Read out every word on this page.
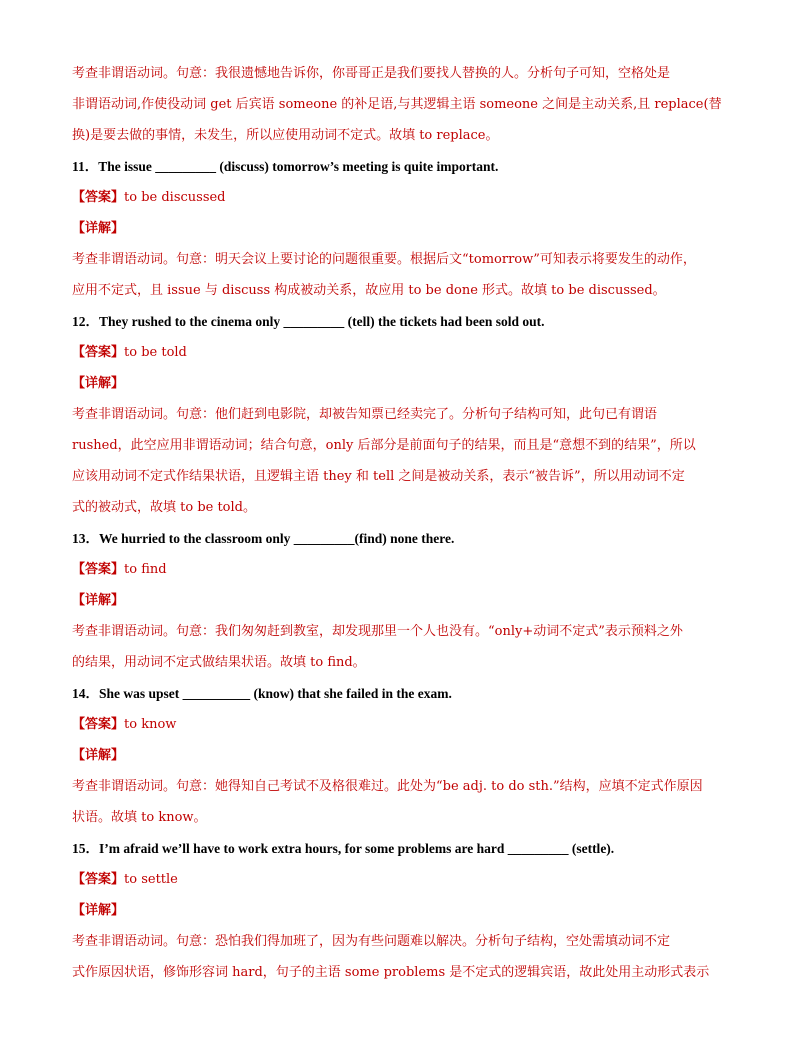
考查非谓语动词。句意：我很遗憾地告诉你，你哥哥正是我们要找人替换的人。分析句子可知，空格处是

非谓语动词,作使役动词 get 后宾语 someone 的补足语,与其逻辑主语 someone 之间是主动关系,且 replace(替

换)是要去做的事情，未发生，所以应使用动词不定式。故填 to replace。

11．The issue _________ (discuss) tomorrow’s meeting is quite important.

【答案】to be discussed

【详解】

考查非谓语动词。句意：明天会议上要讨论的问题很重要。根据后文“tomorrow”可知表示将要发生的动作，

应用不定式，且 issue 与 discuss 构成被动关系，故应用 to be done 形式。故填 to be discussed。

12．They rushed to the cinema only _________ (tell) the tickets had been sold out.

【答案】to be told

【详解】

考查非谓语动词。句意：他们赶到电影院，却被告知票已经卖完了。分析句子结构可知，此句已有谓语

rushed，此空应用非谓语动词；结合句意，only 后部分是前面句子的结果，而且是“意想不到的结果”，所以

应该用动词不定式作结果状语，且逻辑主语 they 和 tell 之间是被动关系，表示“被告诉”，所以用动词不定

式的被动式，故填 to be told。

13．We hurried to the classroom only _________(find) none there.

【答案】to find

【详解】

考查非谓语动词。句意：我们匆匆赶到教室，却发现那里一个人也没有。“only+动词不定式”表示预料之外

的结果，用动词不定式做结果状语。故填 to find。

14．She was upset __________ (know) that she failed in the exam.

【答案】to know

【详解】

考查非谓语动词。句意：她得知自己考试不及格很难过。此处为“be adj. to do sth.”结构，应填不定式作原因

状语。故填 to know。

15．I’m afraid we’ll have to work extra hours, for some problems are hard _________ (settle).

【答案】to settle

【详解】

考查非谓语动词。句意：恐怕我们得加班了，因为有些问题难以解决。分析句子结构，空处需填动词不定

式作原因状语，修饰形容词 hard，句子的主语 some problems 是不定式的逻辑宾语，故此处用主动形式表示
